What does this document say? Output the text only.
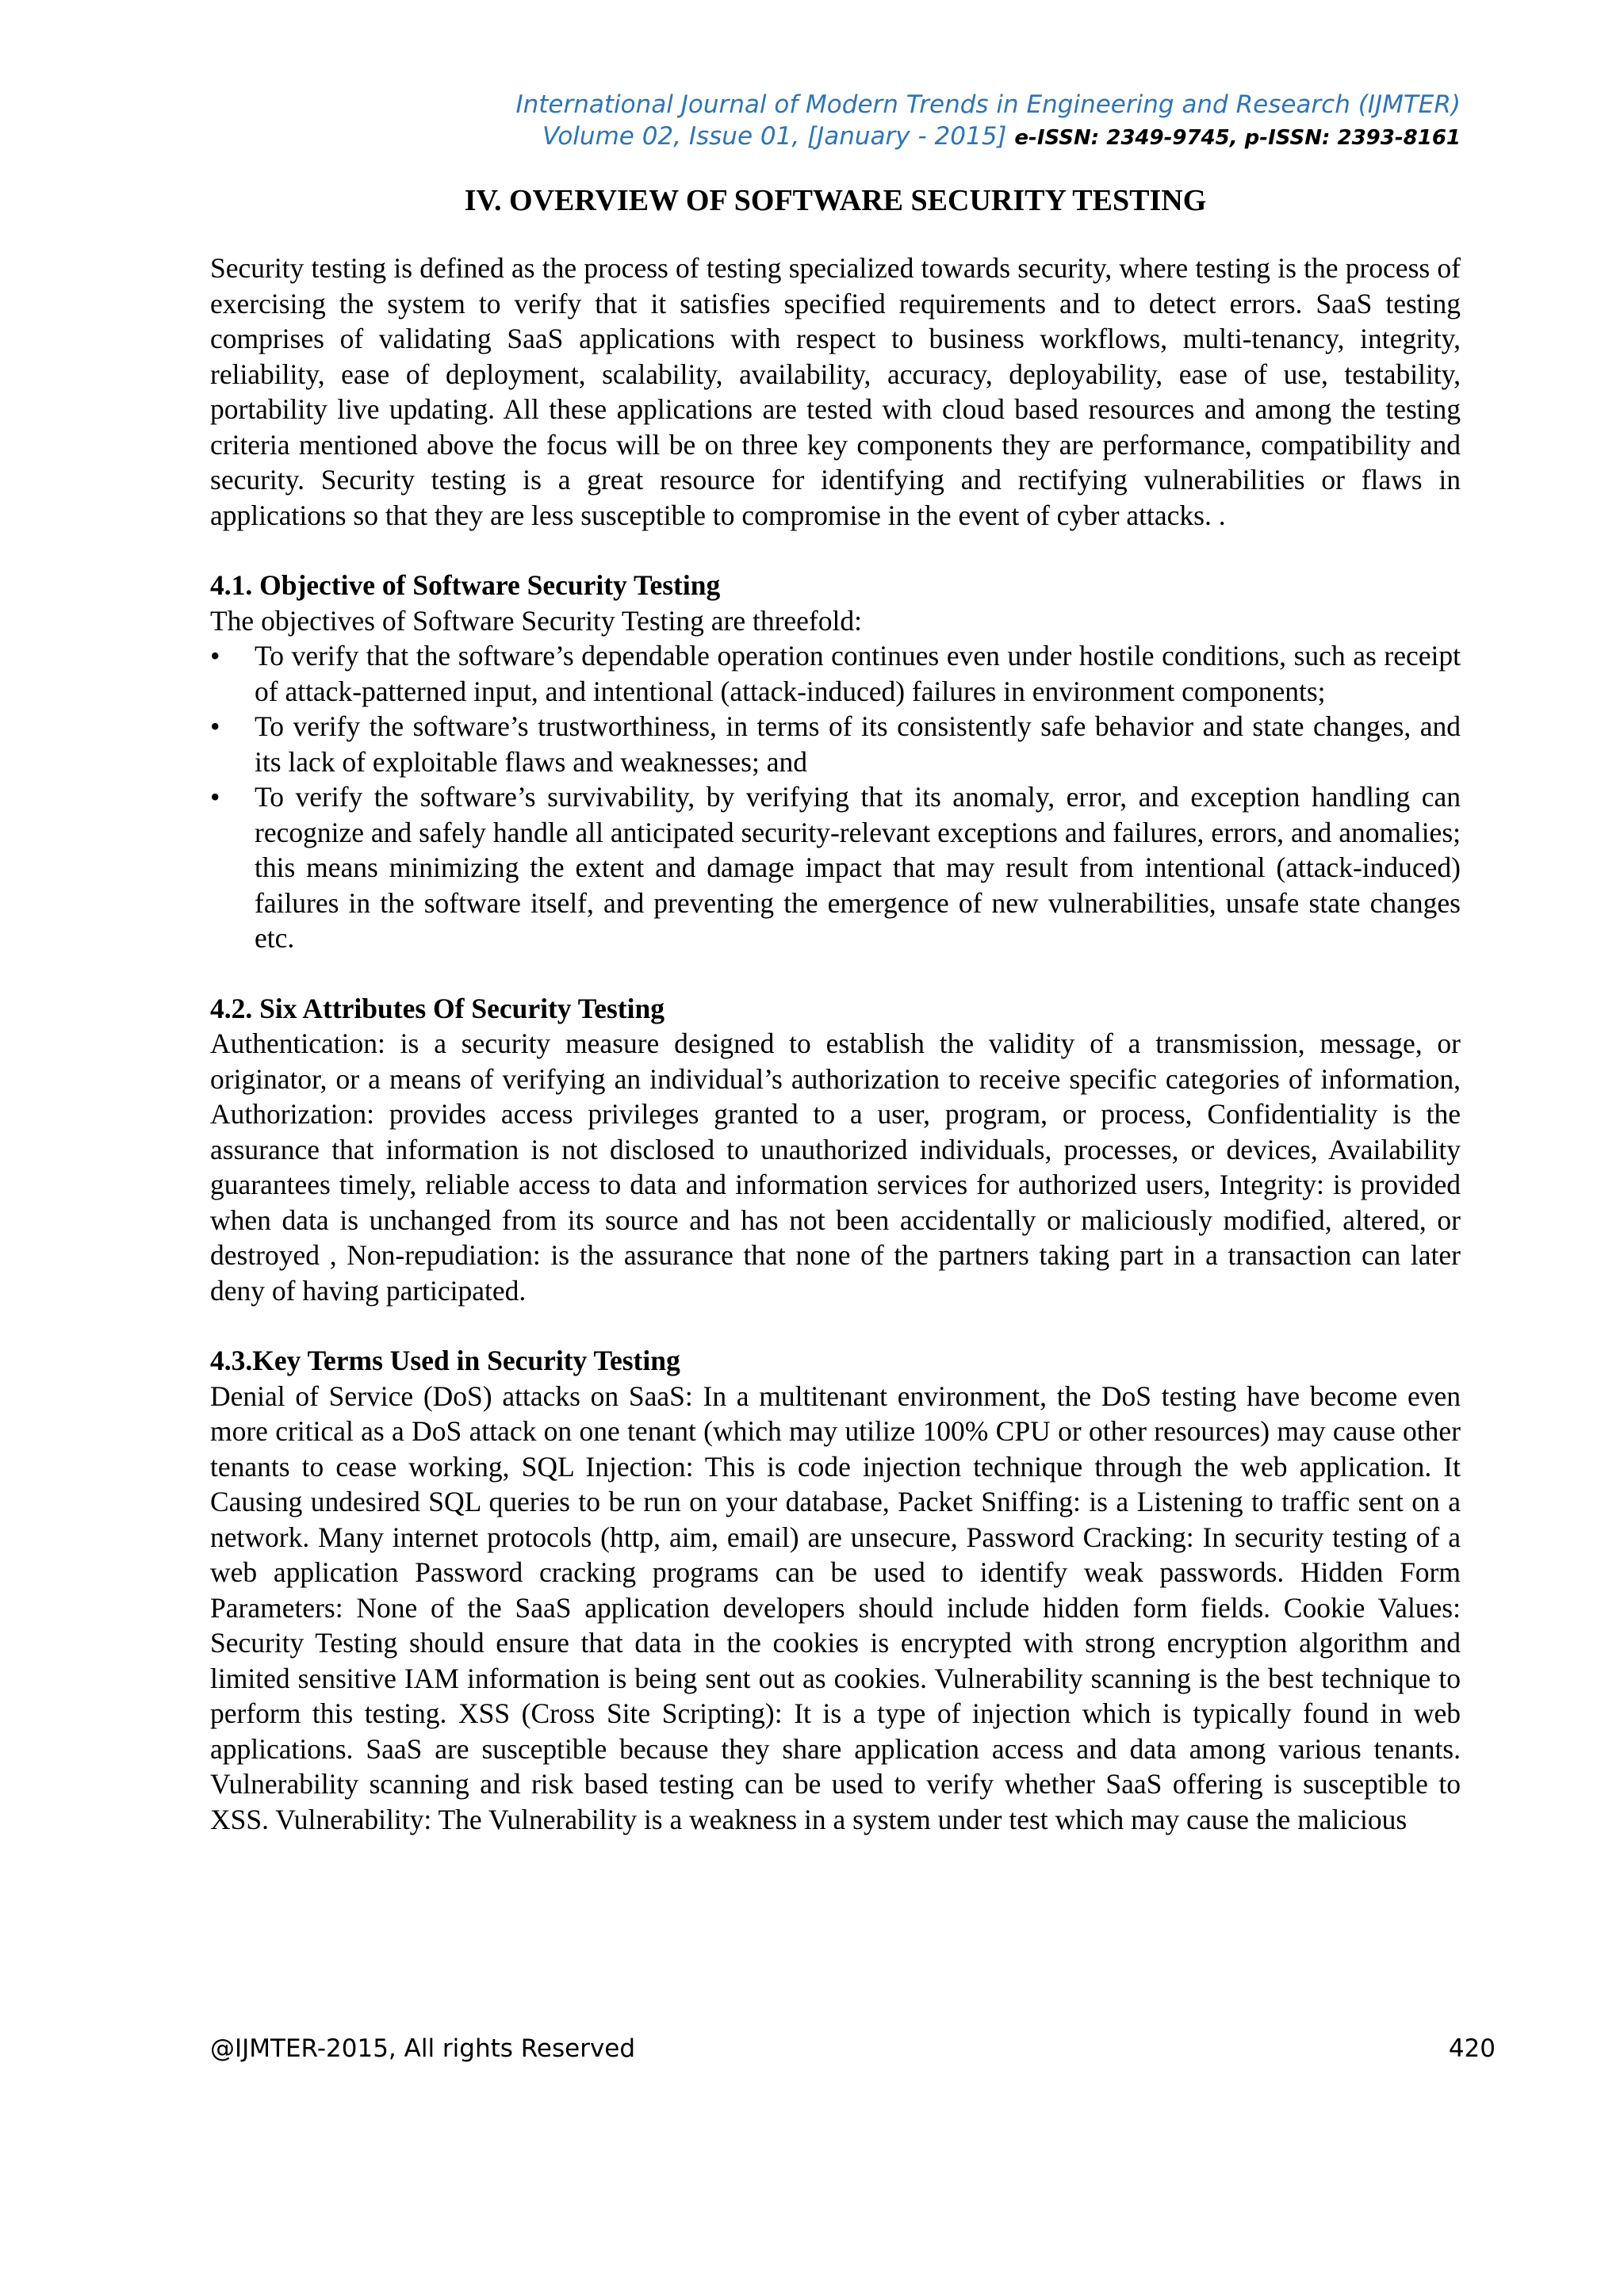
International Journal of Modern Trends in Engineering and Research (IJMTER)
Volume 02, Issue 01, [January - 2015] e-ISSN: 2349-9745, p-ISSN: 2393-8161
IV. OVERVIEW OF SOFTWARE SECURITY TESTING

Security testing is defined as the process of testing specialized towards security, where testing is the process of exercising the system to verify that it satisfies specified requirements and to detect errors. SaaS testing comprises of validating SaaS applications with respect to business workflows, multi-tenancy, integrity, reliability, ease of deployment, scalability, availability, accuracy, deployability, ease of use, testability, portability live updating. All these applications are tested with cloud based resources and among the testing criteria mentioned above the focus will be on three key components they are performance, compatibility and security. Security testing is a great resource for identifying and rectifying vulnerabilities or flaws in applications so that they are less susceptible to compromise in the event of cyber attacks. .

4.1. Objective of Software Security Testing

The objectives of Software Security Testing are threefold:

•	To verify that the software’s dependable operation continues even under hostile conditions, such as receipt of attack-patterned input, and intentional (attack-induced) failures in environment components;
•	To verify the software’s trustworthiness, in terms of its consistently safe behavior and state changes, and its lack of exploitable flaws and weaknesses; and
•	To verify the software’s survivability, by verifying that its anomaly, error, and exception handling can recognize and safely handle all anticipated security-relevant exceptions and failures, errors, and anomalies; this means minimizing the extent and damage impact that may result from intentional (attack-induced) failures in the software itself, and preventing the emergence of new vulnerabilities, unsafe state changes etc.
4.2. Six Attributes Of Security Testing

Authentication: is a security measure designed to establish the validity of a transmission, message, or originator, or a means of verifying an individual’s authorization to receive specific categories of information, Authorization: provides access privileges granted to a user, program, or process, Confidentiality is the assurance that information is not disclosed to unauthorized individuals, processes, or devices, Availability guarantees timely, reliable access to data and information services for authorized users, Integrity: is provided when data is unchanged from its source and has not been accidentally or maliciously modified, altered, or destroyed , Non-repudiation: is the assurance that none of the partners taking part in a transaction can later deny of having participated.

4.3.Key Terms Used in Security Testing

Denial of Service (DoS) attacks on SaaS: In a multitenant environment, the DoS testing have become even more critical as a DoS attack on one tenant (which may utilize 100% CPU or other resources) may cause other tenants to cease working, SQL Injection: This is code injection technique through the web application. It Causing undesired SQL queries to be run on your database, Packet Sniffing: is a Listening to traffic sent on a network. Many internet protocols (http, aim, email) are unsecure, Password Cracking: In security testing of a web application Password cracking programs can be used to identify weak passwords. Hidden Form Parameters: None of the SaaS application developers should include hidden form fields. Cookie Values: Security Testing should ensure that data in the cookies is encrypted with strong encryption algorithm and limited sensitive IAM information is being sent out as cookies. Vulnerability scanning is the best technique to perform this testing. XSS (Cross Site Scripting): It is a type of injection which is typically found in web applications. SaaS are susceptible because they share application access and data among various tenants. Vulnerability scanning and risk based testing can be used to verify whether SaaS offering is susceptible to XSS. Vulnerability: The Vulnerability is a weakness in a system under test which may cause the malicious

@IJMTER-2015, All rights Reserved	420
